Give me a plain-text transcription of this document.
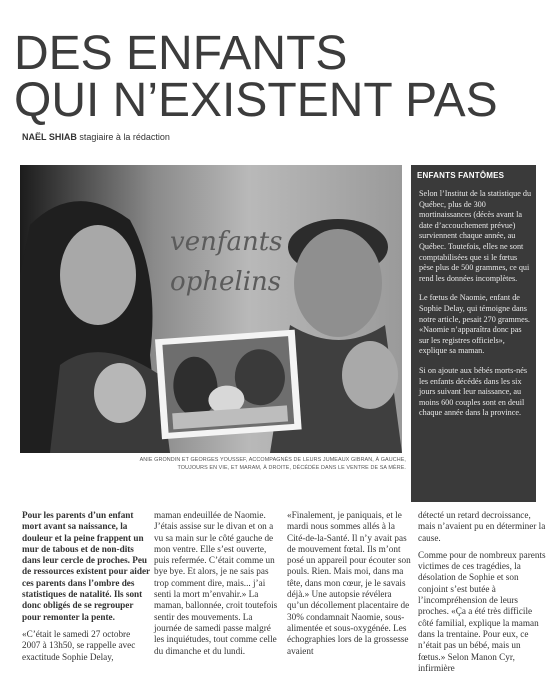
DES ENFANTS
QUI N’EXISTENT PAS
NAËL SHIAB stagiaire à la rédaction
venfants
ophelins
ANIE GRONDIN ET GEORGES YOUSSEF, ACCOMPAGNÉS DE LEURS JUMEAUX GIBRAN, À GAUCHE,
TOUJOURS EN VIE, ET MARAM, À DROITE, DÉCÉDÉE DANS LE VENTRE DE SA MÈRE.
ENFANTS FANTÔMES

Selon l’Institut de la statistique du Québec, plus de 300 mortinaissances (décès avant la date d’accouchement prévue) surviennent chaque année, au Québec. Toutefois, elles ne sont comptabilisées que si le fœtus pèse plus de 500 grammes, ce qui rend les données incomplètes.

Le fœtus de Naomie, enfant de Sophie Delay, qui témoigne dans notre article, pesait 270 grammes. «Naomie n’apparaîtra donc pas sur les registres officiels», explique sa maman.

Si on ajoute aux bébés morts-nés les enfants décédés dans les six jours suivant leur naissance, au moins 600 couples sont en deuil chaque année dans la province.

Pour les parents d’un enfant mort avant sa naissance, la douleur et la peine frappent un mur de tabous et de non-dits dans leur cercle de proches. Peu de ressources existent pour aider ces parents dans l’ombre des statistiques de natalité. Ils sont donc obligés de se regrouper pour remonter la pente.

«C’était le samedi 27 octobre 2007 à 13h50, se rappelle avec exactitude Sophie Delay,

maman endeuillée de Naomie. J’étais assise sur le divan et on a vu sa main sur le côté gauche de mon ventre. Elle s’est ouverte, puis refermée. C’était comme un bye bye. Et alors, je ne sais pas trop comment dire, mais... j’ai senti la mort m’envahir.» La maman, ballonnée, croit toutefois sentir des mouvements. La journée de samedi passe malgré les inquiétudes, tout comme celle du dimanche et du lundi.

«Finalement, je paniquais, et le mardi nous sommes allés à la Cité-de-la-Santé. Il n’y avait pas de mouvement fœtal. Ils m’ont posé un appareil pour écouter son pouls. Rien. Mais moi, dans ma tête, dans mon cœur, je le savais déjà.» Une autopsie révélera qu’un décollement placentaire de 30% condamnait Naomie, sous-alimentée et sous-oxygénée. Les échographies lors de la grossesse avaient

détecté un retard decroissance, mais n’avaient pu en déterminer la cause.

Comme pour de nombreux parents victimes de ces tragédies, la désolation de Sophie et son conjoint s’est butée à l’incompréhension de leurs proches. «Ça a été très difficile côté familial, explique la maman dans la trentaine. Pour eux, ce n’était pas un bébé, mais un fœtus.» Selon Manon Cyr, infirmière
